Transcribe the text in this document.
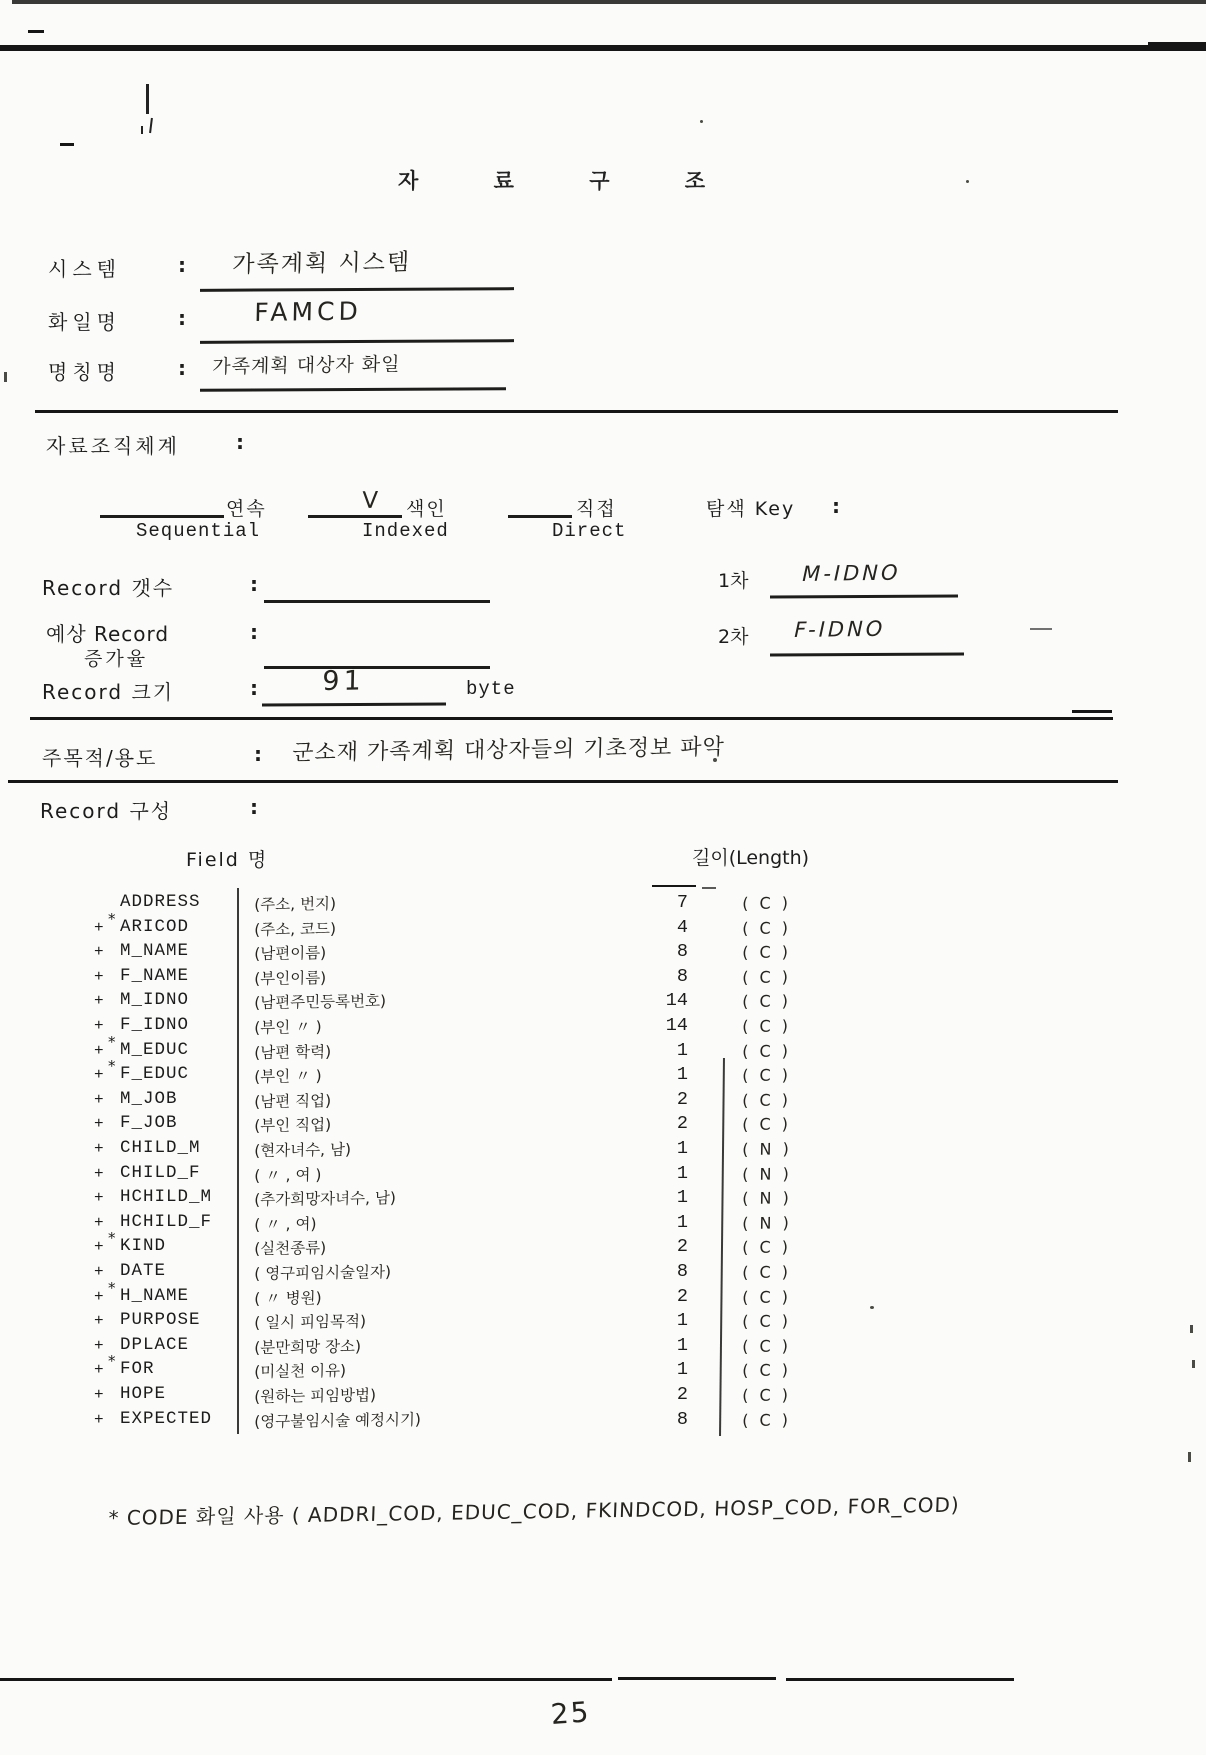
자 료 구 조
시스템	: 가족계획 시스템
화일명	:	FAMCD
명칭명	: 가족계획 대상자 화일
자료조직체계	:
연속
Sequential
V 색인
Indexed
직접
Direct
탐색 Key :
Record 갯수	:	1차	M-IDNO
예상 Record
증가율
:	2차 F-IDNO
Record 크기	: 91	byte
주목적/용도	: 군소재 가족계획 대상자들의 기초정보 파악
Record 구성	:
Field 명	길이(Length)
ADDRESS	(주소, 번지)	7	( C )
+ * ARICOD	(주소, 코드)	4	( C )
+ M_NAME	(남편이름)	8	( C )
+ F_NAME	(부인이름)	8	( C )
+ M_IDNO	(남편주민등록번호)	14	( C )
+ F_IDNO	(부인 〃 )	14	( C )
+ * M_EDUC	(남편 학력)	1	( C )
+ * F_EDUC	(부인 〃 )	1	( C )
+ M_JOB	(남편 직업)	2	( C )
+ F_JOB	(부인 직업)	2	( C )
+ CHILD_M	(현자녀수, 남)	1	( N )
+ CHILD_F	( 〃 , 여 )	1	( N )
+ HCHILD_M	(추가희망자녀수, 남)	1	( N )
+ HCHILD_F	( 〃 , 여)	1	( N )
+ * KIND	(실천종류)	2	( C )
+ DATE	( 영구피임시술일자)	8	( C )
+ * H_NAME	( 〃 병원)	2	( C )
+ PURPOSE	( 일시 피임목적)	1	( C )
+ DPLACE	(분만희망 장소)	1	( C )
+ * FOR	(미실천 이유)	1	( C )
+ HOPE	(원하는 피임방법)	2	( C )
+ EXPECTED	(영구불임시술 예정시기)	8	( C )
* CODE 화일 사용 ( ADDRI_COD, EDUC_COD, FKINDCOD, HOSP_COD, FOR_COD)
25
